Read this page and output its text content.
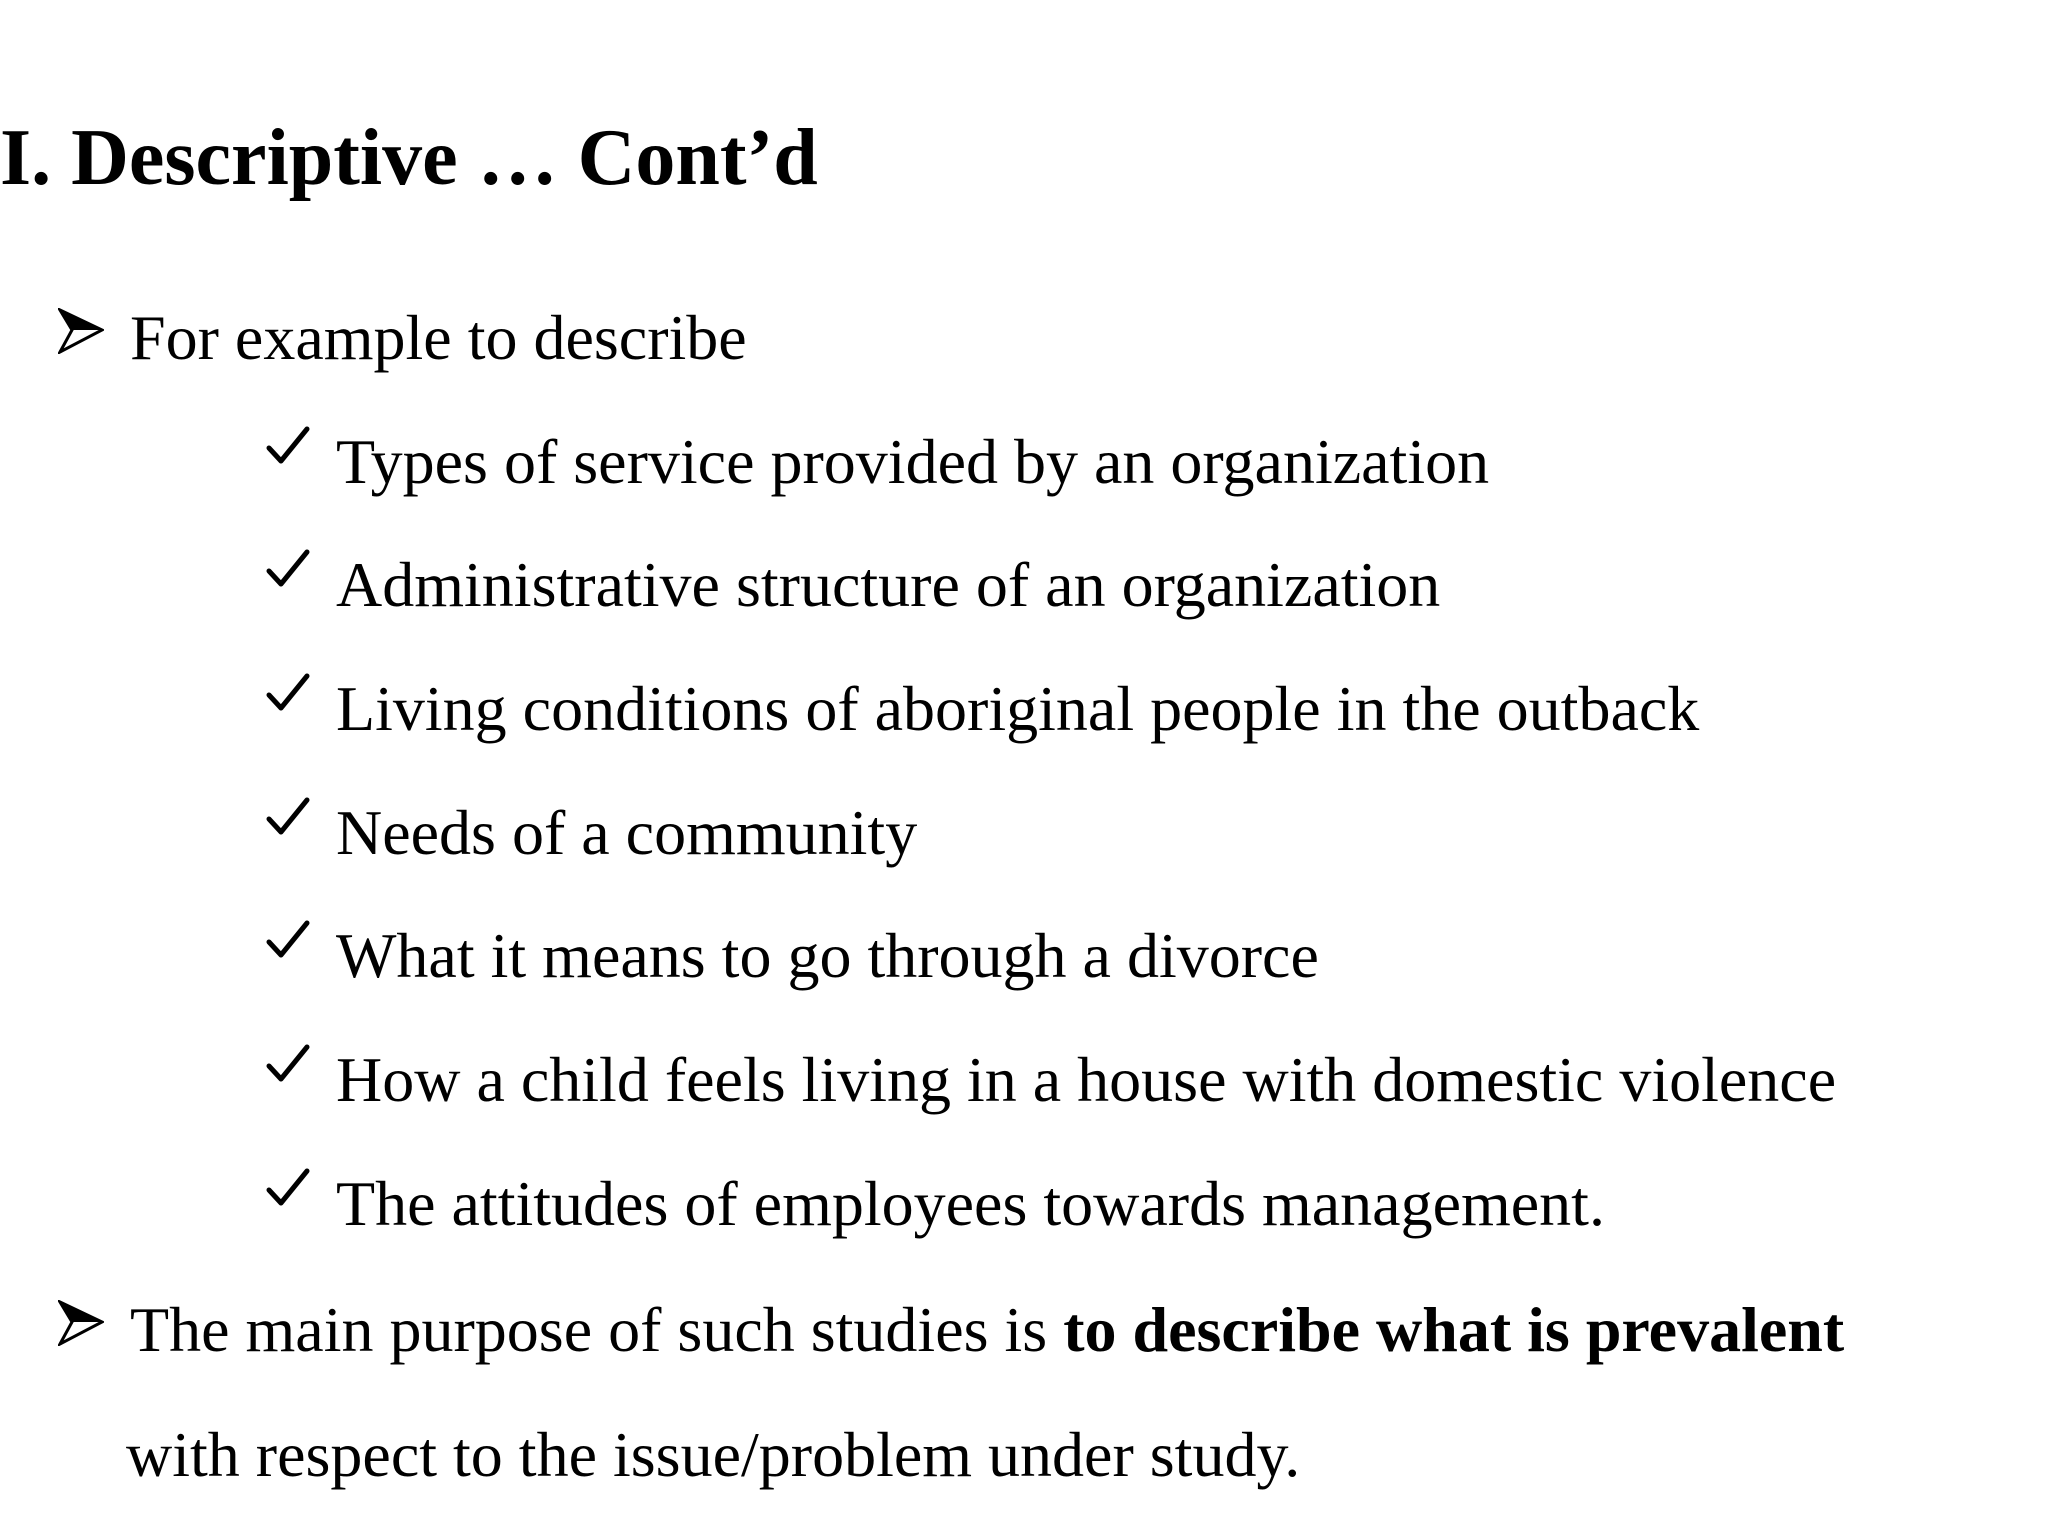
I. Descriptive … Cont’d
For example to describe
Types of service provided by an organization
Administrative structure of an organization
Living conditions of aboriginal people in the outback
Needs of a community
What it means to go through a divorce
How a child feels living in a house with domestic violence
The attitudes of employees towards management.
The main purpose of such studies is to describe what is prevalent
with respect to the issue/problem under study.
